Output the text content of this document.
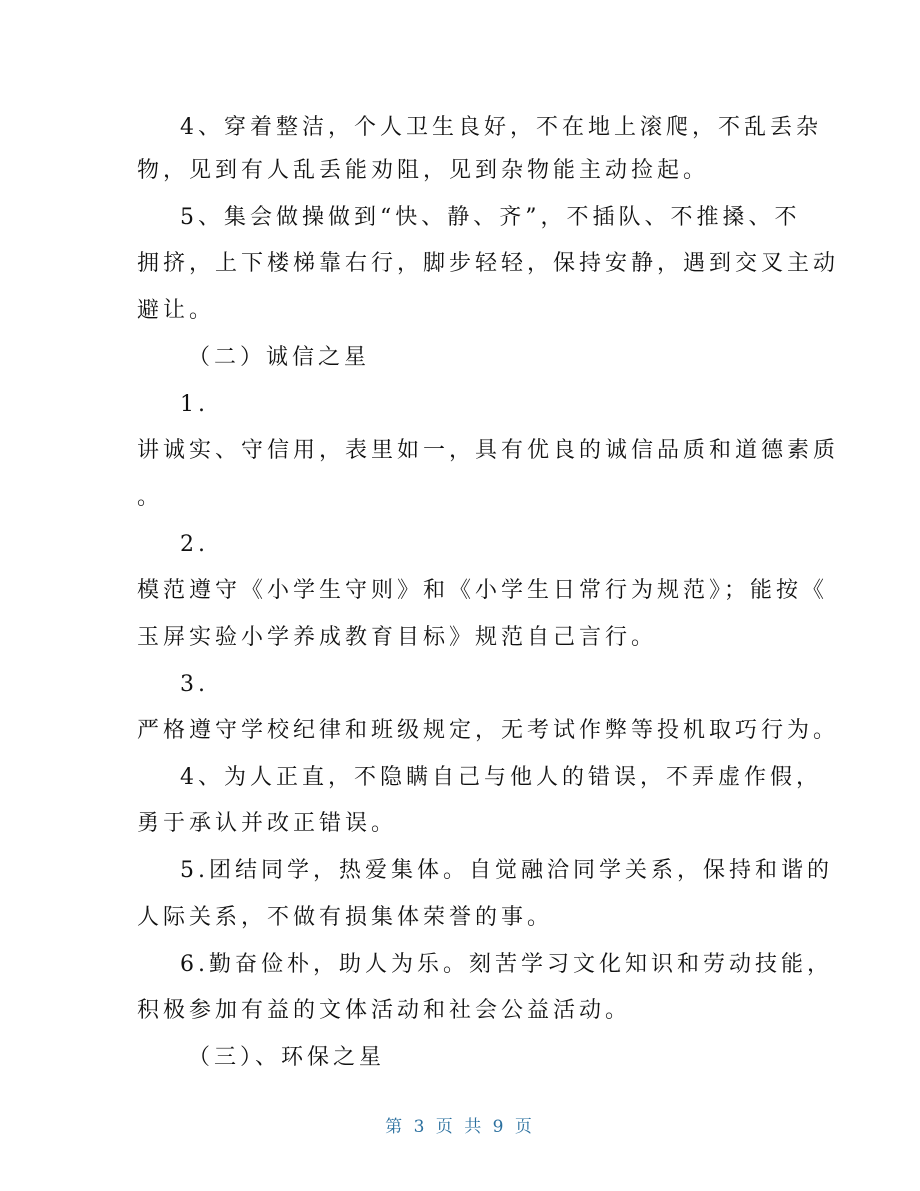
4、穿着整洁，个人卫生良好，不在地上滚爬，不乱丢杂
物，见到有人乱丢能劝阻，见到杂物能主动捡起。
5、集会做操做到“快、静、齐”，不插队、不推搡、不
拥挤，上下楼梯靠右行，脚步轻轻，保持安静，遇到交叉主动
避让。
（二）诚信之星
1.
讲诚实、守信用，表里如一，具有优良的诚信品质和道德素质
。
2.
模范遵守《小学生守则》和《小学生日常行为规范》；能按《
玉屏实验小学养成教育目标》规范自己言行。
3.
严格遵守学校纪律和班级规定，无考试作弊等投机取巧行为。
4、为人正直，不隐瞒自己与他人的错误，不弄虚作假，
勇于承认并改正错误。
5.团结同学，热爱集体。自觉融洽同学关系，保持和谐的
人际关系，不做有损集体荣誉的事。
6.勤奋俭朴，助人为乐。刻苦学习文化知识和劳动技能，
积极参加有益的文体活动和社会公益活动。
（三）、环保之星
第 3 页 共 9 页
